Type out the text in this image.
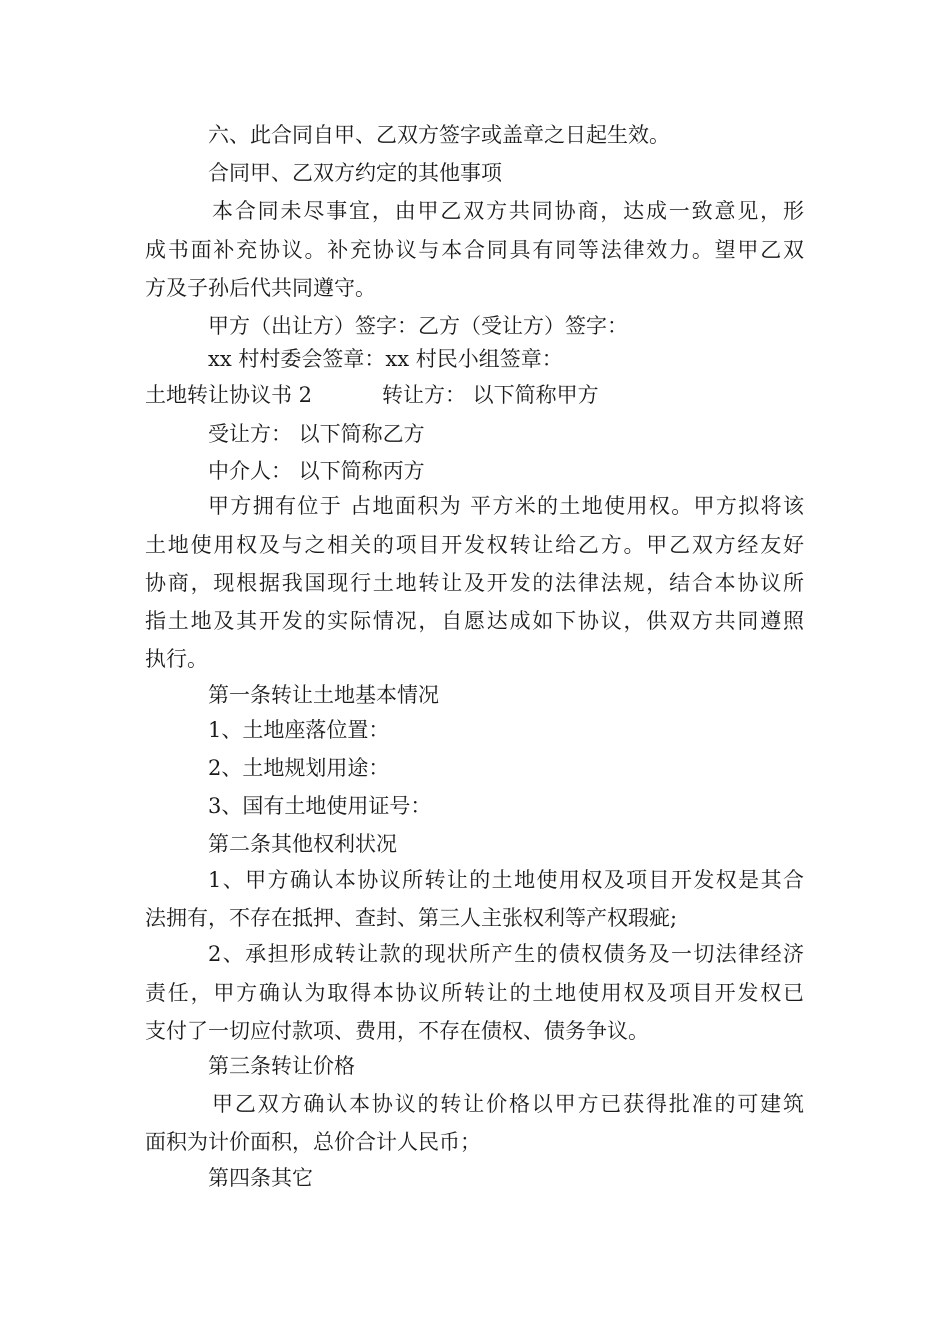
六、此合同自甲、乙双方签字或盖章之日起生效。
合同甲、乙双方约定的其他事项
本合同未尽事宜，由甲乙双方共同协商，达成一致意见，形
成书面补充协议。补充协议与本合同具有同等法律效力。望甲乙双
方及子孙后代共同遵守。
甲方（出让方）签字：乙方（受让方）签字：
xx 村村委会签章：xx 村民小组签章：
土地转让协议书 2	转让方： 以下简称甲方
受让方： 以下简称乙方
中介人： 以下简称丙方
甲方拥有位于 占地面积为 平方米的土地使用权。甲方拟将该
土地使用权及与之相关的项目开发权转让给乙方。甲乙双方经友好
协商，现根据我国现行土地转让及开发的法律法规，结合本协议所
指土地及其开发的实际情况，自愿达成如下协议，供双方共同遵照
执行。
第一条转让土地基本情况
1、土地座落位置：
2、土地规划用途：
3、国有土地使用证号：
第二条其他权利状况
1、甲方确认本协议所转让的土地使用权及项目开发权是其合
法拥有，不存在抵押、查封、第三人主张权利等产权瑕疵;
2、承担形成转让款的现状所产生的债权债务及一切法律经济
责任，甲方确认为取得本协议所转让的土地使用权及项目开发权已
支付了一切应付款项、费用，不存在债权、债务争议。
第三条转让价格
甲乙双方确认本协议的转让价格以甲方已获得批准的可建筑
面积为计价面积，总价合计人民币；
第四条其它
